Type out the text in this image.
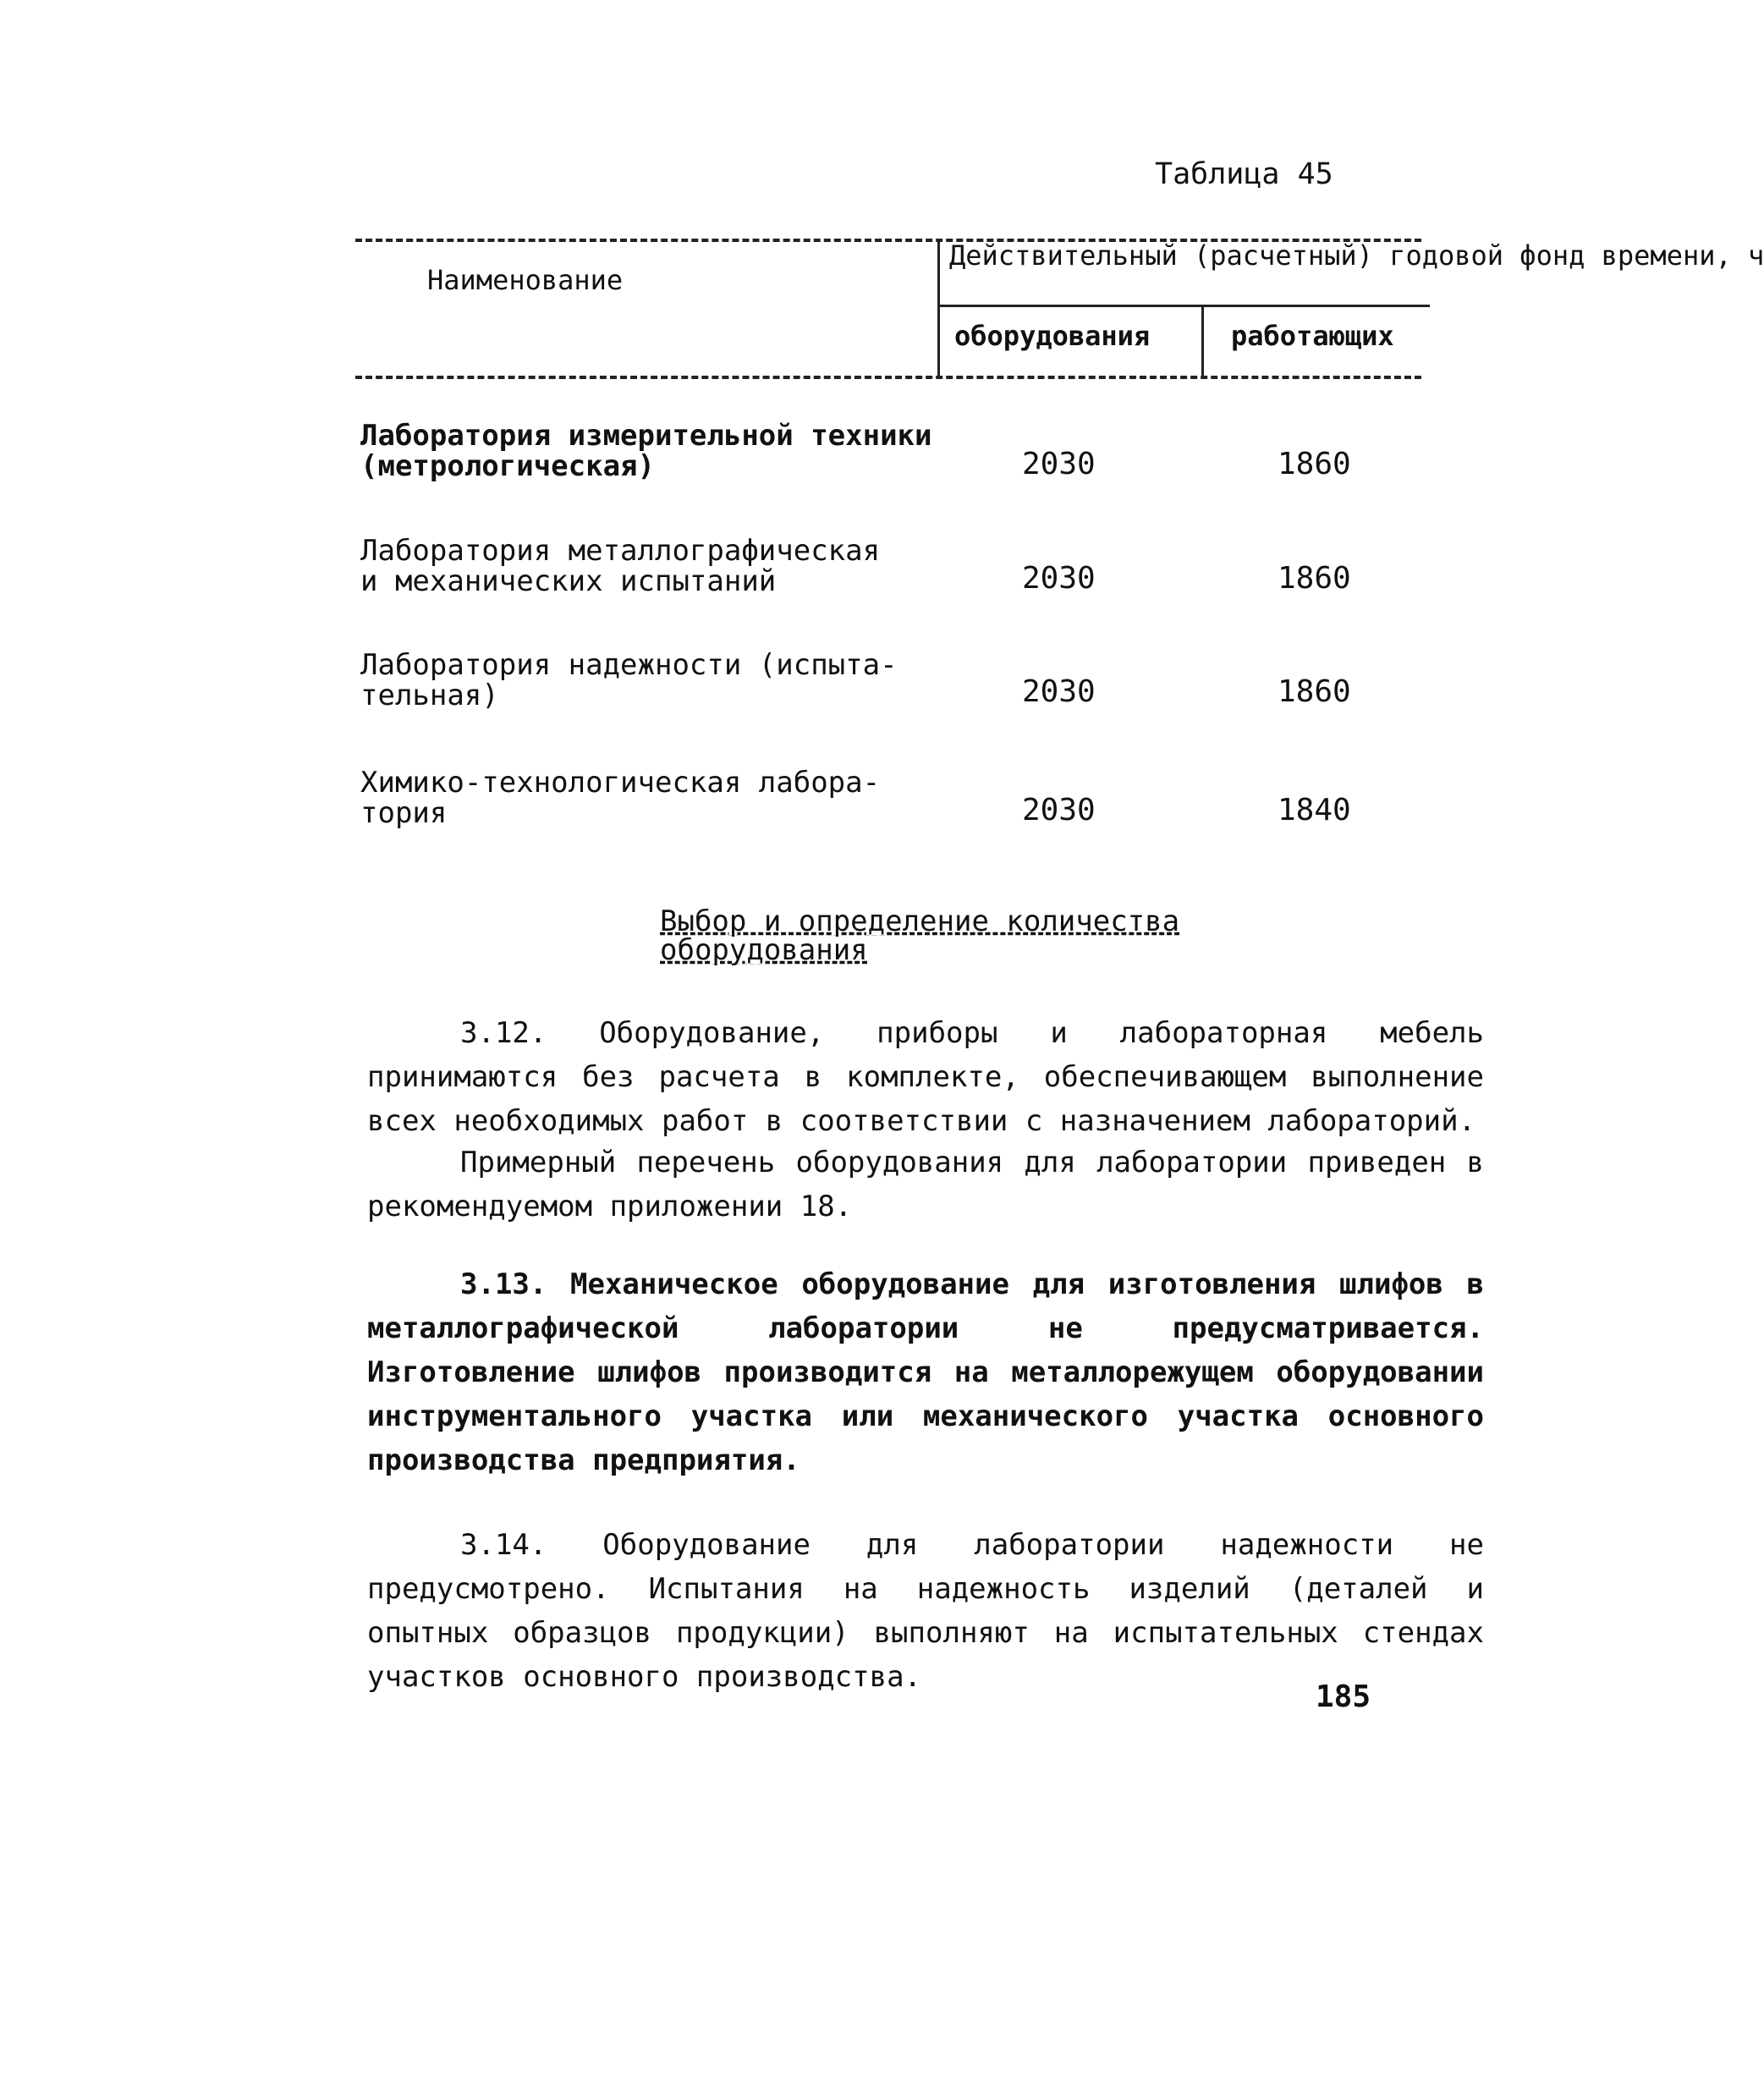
Таблица 45
Наименование
Действительный (расчетный) годовой фонд времени, ч
оборудования	работающих
Лаборатория измерительной техники
(метрологическая)	2030	1860
Лаборатория металлографическая
и механических испытаний	2030	1860
Лаборатория надежности (испыта-
тельная)	2030	1860
Химико-технологическая лабора-
тория	2030	1840
Выбор и определение количества
оборудования
3.12. Оборудование, приборы и лабораторная мебель принимаются без расчета в комплекте, обеспечивающем выполнение всех необходимых работ в соответствии с назначением лабораторий.
Примерный перечень оборудования для лаборатории приведен в рекомендуемом приложении 18.
3.13. Механическое оборудование для изготовления шлифов в металлографической лаборатории не предусматривается. Изготовление шлифов производится на металлорежущем оборудовании инструментального участка или механического участка основного производства предприятия.
3.14. Оборудование для лаборатории надежности не предусмотрено. Испытания на надежность изделий (деталей и опытных образцов продукции) выполняют на испытательных стендах участков основного производства.
185
